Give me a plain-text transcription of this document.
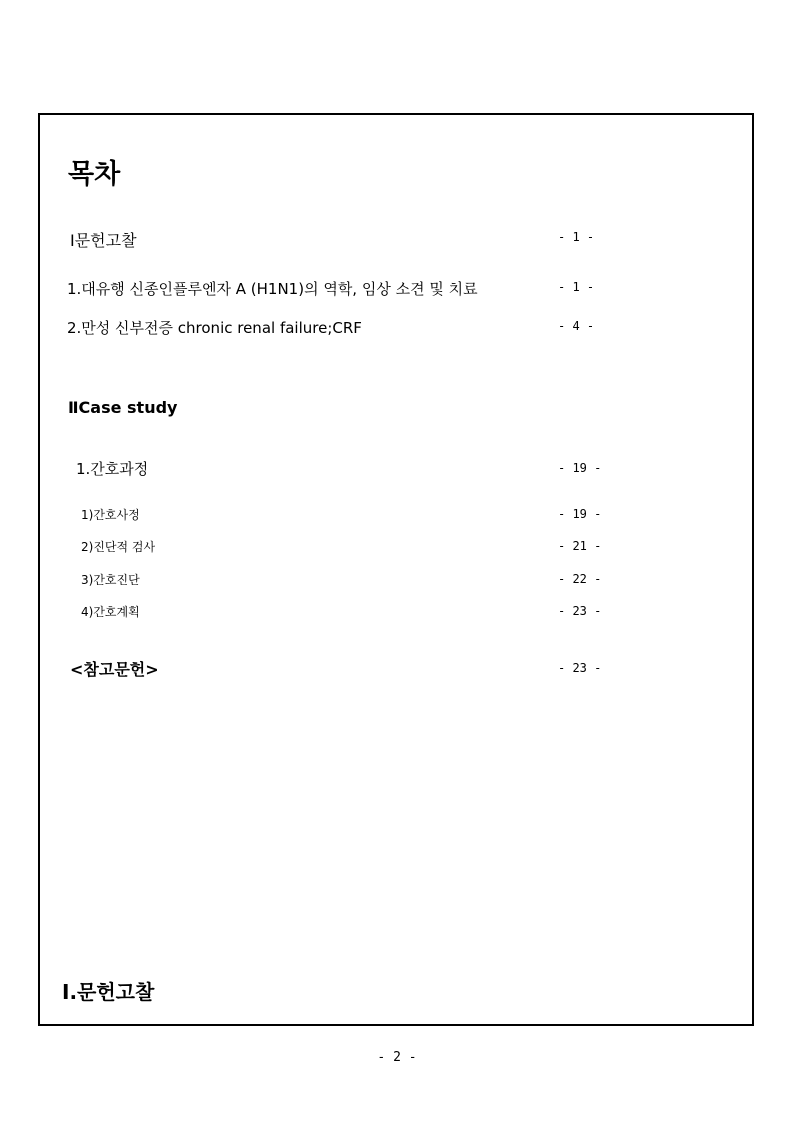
목차
Ⅰ문헌고찰	- 1 -
1.대유행 신종인플루엔자 A (H1N1)의 역학, 임상 소견 및 치료	- 1 -
2.만성 신부전증 chronic renal failure;CRF	- 4 -
ⅡCase study
1.간호과정	- 19 -
1)간호사정	- 19 -
2)진단적 검사	- 21 -
3)간호진단	- 22 -
4)간호계획	- 23 -
<참고문헌>	- 23 -
Ⅰ.문헌고찰
- 2 -
